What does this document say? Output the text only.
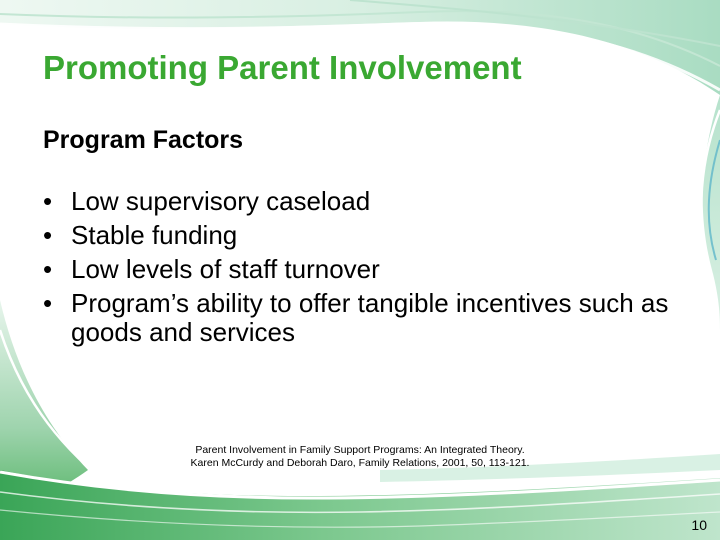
Promoting Parent Involvement
Program Factors
• Low supervisory caseload
• Stable funding
• Low levels of staff turnover
• Program’s ability to offer tangible incentives such as goods and services
Parent Involvement in Family Support Programs: An Integrated Theory.
Karen McCurdy and Deborah Daro, Family Relations, 2001, 50, 113-121.
10
